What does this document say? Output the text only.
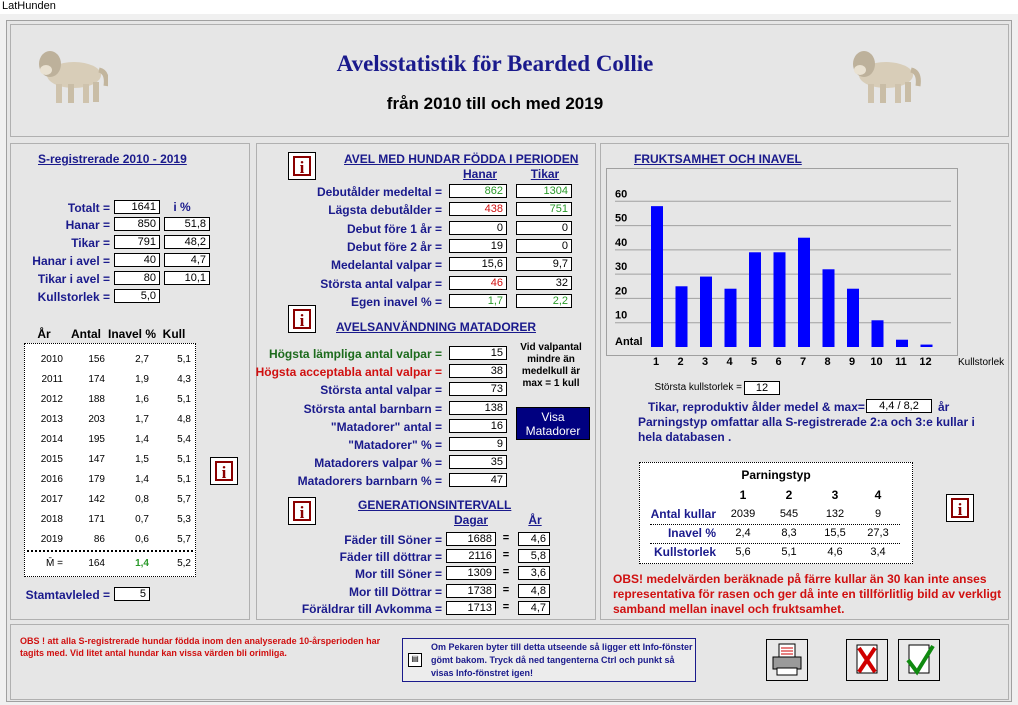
LatHunden
Avelsstatistik för Bearded Collie
från 2010 till och med 2019
S-registrerade 2010 - 2019
i %
Totalt =	1641
Hanar =	850	51,8
Tikar =	791	48,2
Hanar i avel =	40	4,7
Tikar i avel =	80	10,1
Kullstorlek =	5,0
År	Antal Inavel % Kull
2010	156	2,7	5,1
2011	174	1,9	4,3
2012	188	1,6	5,1
2013	203	1,7	4,8
2014	195	1,4	5,4
2015	147	1,5	5,1
2016	179	1,4	5,1
2017	142	0,8	5,7
2018	171	0,7	5,3
2019	86	0,6	5,7
M̄ =	164	1,4	5,2
i
Stamtavleled =	5
i	AVEL MED HUNDAR FÖDDA I PERIODEN
Hanar	Tikar
Debutålder medeltal =	862	1304
Lägsta debutålder =	438	751
Debut före 1 år =	0	0
Debut före 2 år =	19	0
Medelantal valpar =	15,6	9,7
Största antal valpar =	46	32
Egen inavel % =	1,7	2,2
i	AVELSANVÄNDNING MATADORER
Högsta lämpliga antal valpar =	15
Högsta acceptabla antal valpar =	38
Största antal valpar =	73
Största antal barnbarn =	138
"Matadorer" antal =	16
"Matadorer" % =	9
Matadorers valpar % =	35
Matadorers barnbarn % =	47
Vid valpantal mindre än medelkull är max = 1 kull
Visa Matadorer
i	GENERATIONSINTERVALL
Dagar	År
Fäder till Söner =	1688 =	4,6
Fäder till döttrar =	2116 =	5,8
Mor till Söner =	1309 =	3,6
Mor till Döttrar =	1738 =	4,8
Föräldrar till Avkomma =	1713 =	4,7
FRUKTSAMHET OCH INAVEL
10
20
30
40
50
60
Antal
Kullstorlek
Största kullstorlek =	12
Tikar, reproduktiv ålder medel & max=	4,4 / 8,2	år
Parningstyp omfattar alla S-registrerade 2:a och 3:e kullar i hela databasen .
Parningstyp
1	2	3	4
Antal kullar	2039	545	132	9
Inavel %	2,4	8,3	15,5	27,3
Kullstorlek	5,6	5,1	4,6	3,4
i
OBS! medelvärden beräknade på färre kullar än 30 kan inte anses representativa för rasen och ger då inte en tillförlitlig bild av verkligt samband mellan inavel och fruktsamhet.
OBS ! att alla S-registrerade hundar födda inom den analyserade 10-årsperioden har tagits med. Vid litet antal hundar kan vissa värden bli orimliga.
▤
Om Pekaren byter till detta utseende så ligger ett Info-fönster gömt bakom. Tryck då ned tangenterna Ctrl och punkt så visas Info-fönstret igen!
1	2	3	4	5	6	7	8	9	10 11 12
